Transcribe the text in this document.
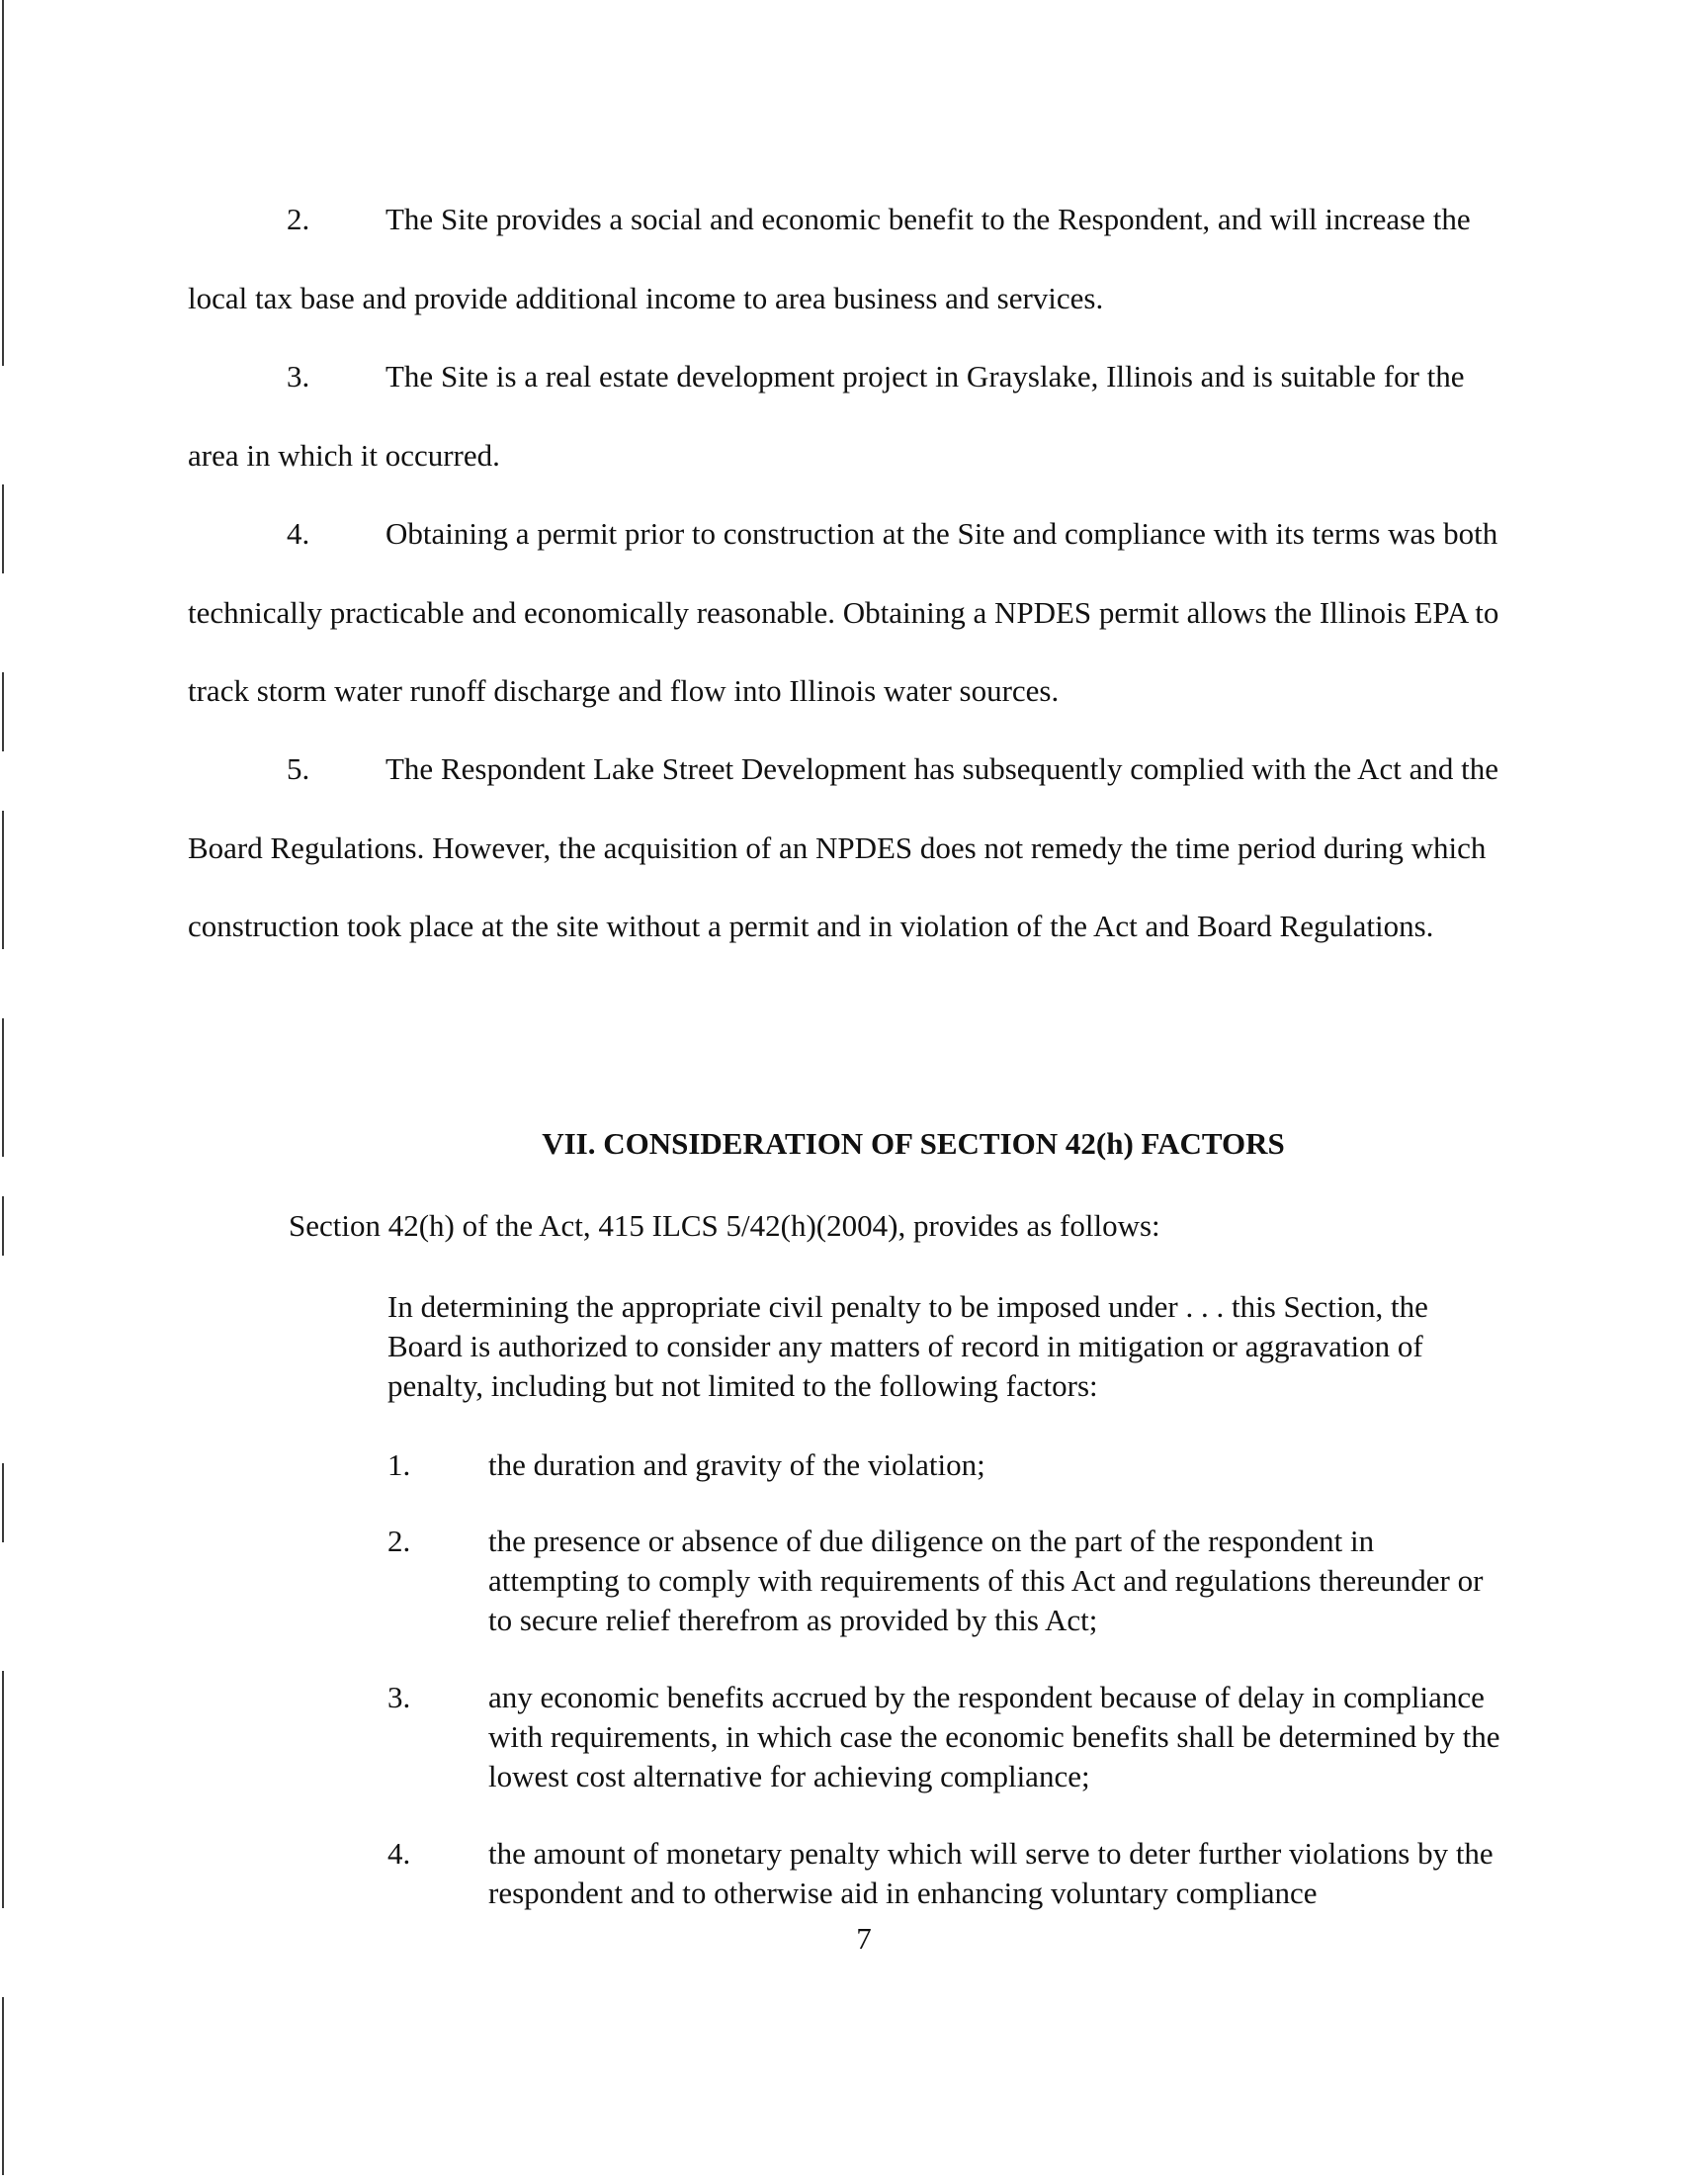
2. The Site provides a social and economic benefit to the Respondent, and will increase the local tax base and provide additional income to area business and services.

3. The Site is a real estate development project in Grayslake, Illinois and is suitable for the area in which it occurred.

4. Obtaining a permit prior to construction at the Site and compliance with its terms was both technically practicable and economically reasonable. Obtaining a NPDES permit allows the Illinois EPA to track storm water runoff discharge and flow into Illinois water sources.

5. The Respondent Lake Street Development has subsequently complied with the Act and the Board Regulations. However, the acquisition of an NPDES does not remedy the time period during which construction took place at the site without a permit and in violation of the Act and Board Regulations.

VII. CONSIDERATION OF SECTION 42(h) FACTORS

Section 42(h) of the Act, 415 ILCS 5/42(h)(2004), provides as follows:

In determining the appropriate civil penalty to be imposed under . . . this Section, the Board is authorized to consider any matters of record in mitigation or aggravation of penalty, including but not limited to the following factors:

1.	the duration and gravity of the violation;
2.	the presence or absence of due diligence on the part of the respondent in attempting to comply with requirements of this Act and regulations thereunder or to secure relief therefrom as provided by this Act;
3.	any economic benefits accrued by the respondent because of delay in compliance with requirements, in which case the economic benefits shall be determined by the lowest cost alternative for achieving compliance;
4.	the amount of monetary penalty which will serve to deter further violations by the respondent and to otherwise aid in enhancing voluntary compliance

7
